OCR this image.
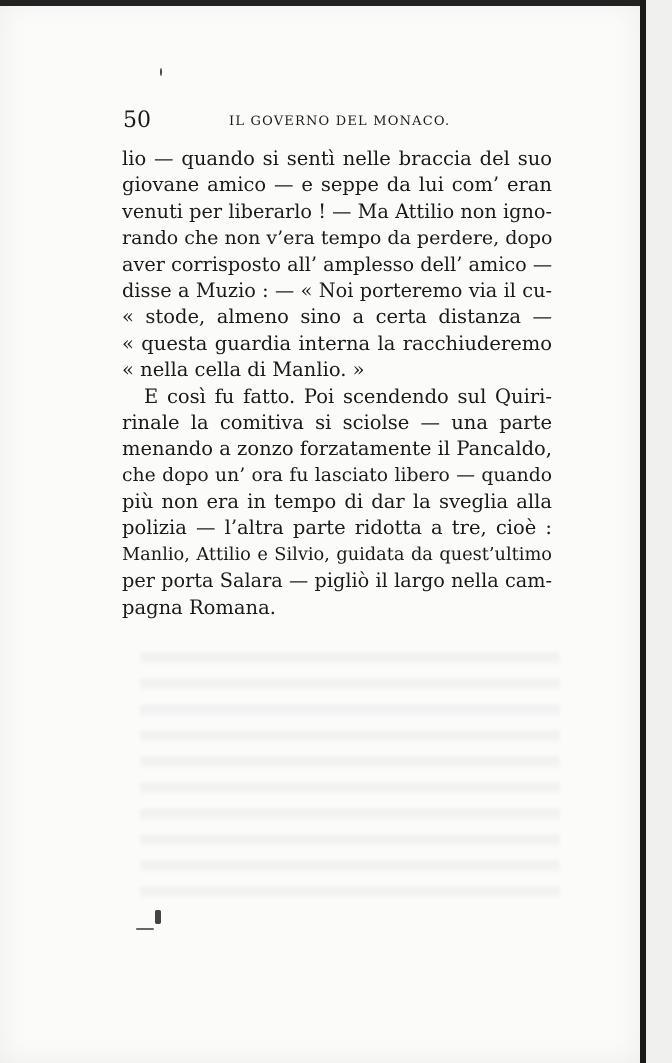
50	IL GOVERNO DEL MONACO.
lio — quando si sentì nelle braccia del suo
giovane amico — e seppe da lui com’ eran
venuti per liberarlo ! — Ma Attilio non igno-
rando che non v’era tempo da perdere, dopo
aver corrisposto all’ amplesso dell’ amico —
disse a Muzio : — « Noi porteremo via il cu-
« stode, almeno sino a certa distanza —
« questa guardia interna la racchiuderemo
« nella cella di Manlio. »
E così fu fatto. Poi scendendo sul Quiri-
rinale la comitiva si sciolse — una parte
menando a zonzo forzatamente il Pancaldo,
che dopo un’ ora fu lasciato libero — quando
più non era in tempo di dar la sveglia alla
polizia — l’altra parte ridotta a tre, cioè :
Manlio, Attilio e Silvio, guidata da quest’ultimo
per porta Salara — pigliò il largo nella cam-
pagna Romana.
